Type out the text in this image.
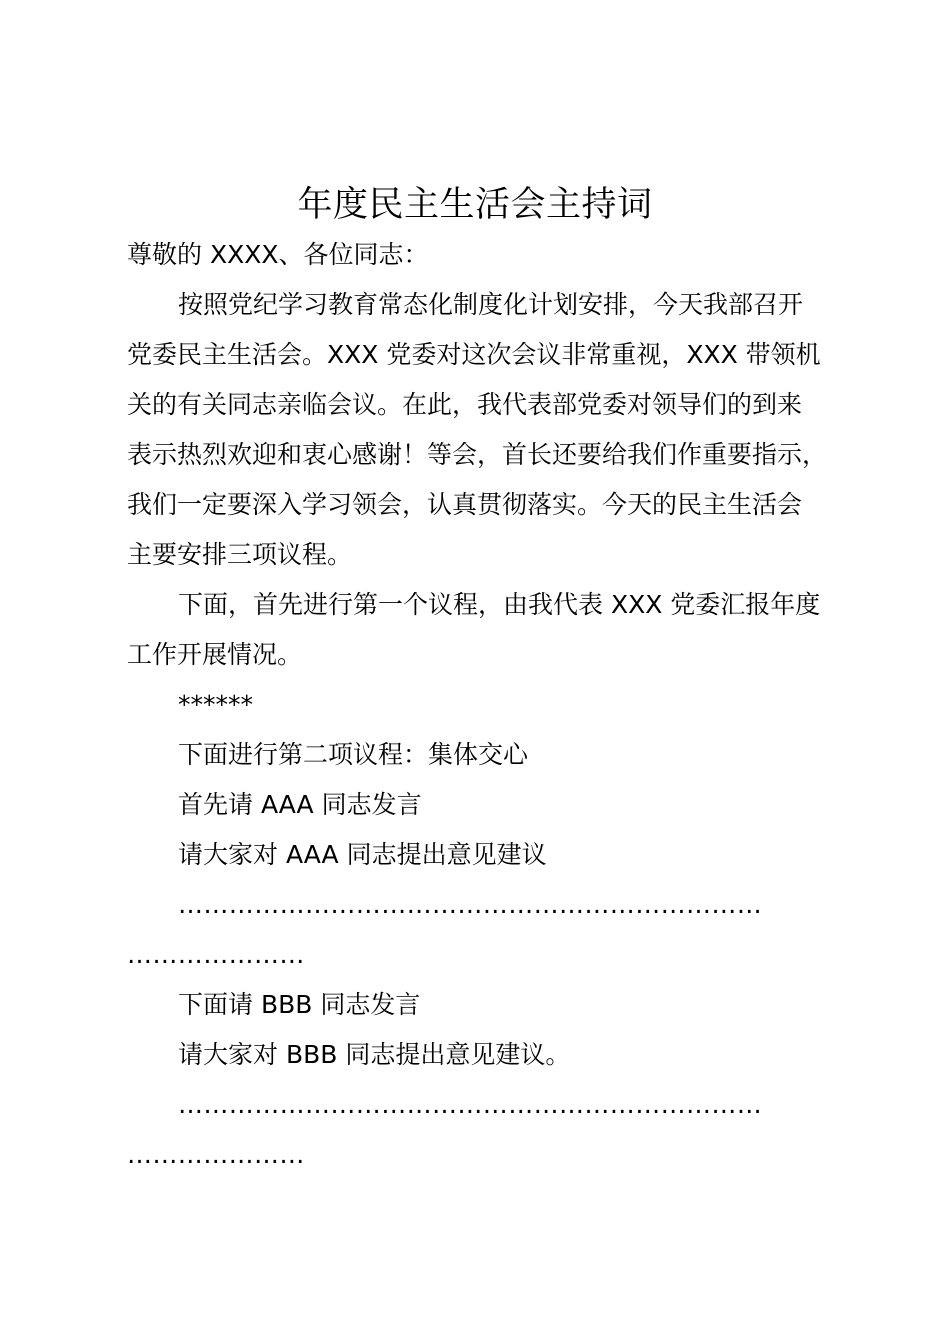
年度民主生活会主持词

尊敬的 XXXX、各位同志：

按照党纪学习教育常态化制度化计划安排，今天我部召开

党委民主生活会。XXX 党委对这次会议非常重视，XXX 带领机

关的有关同志亲临会议。在此，我代表部党委对领导们的到来

表示热烈欢迎和衷心感谢！等会，首长还要给我们作重要指示，

我们一定要深入学习领会，认真贯彻落实。今天的民主生活会

主要安排三项议程。

下面，首先进行第一个议程，由我代表 XXX 党委汇报年度

工作开展情况。

******

下面进行第二项议程：集体交心

首先请 AAA 同志发言

请大家对 AAA 同志提出意见建议

……………………………………………………………

…………………

下面请 BBB 同志发言

请大家对 BBB 同志提出意见建议。

……………………………………………………………

…………………
